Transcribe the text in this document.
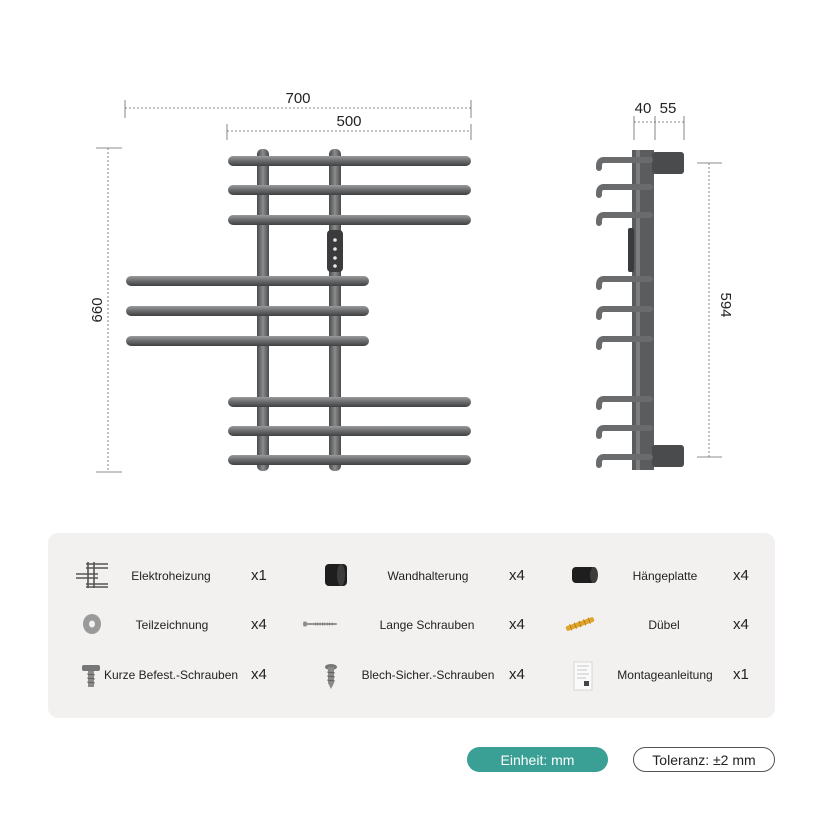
700
500
660
40 55
594
Elektroheizung	x1	Wandhalterung	x4	Hängeplatte x4
Teilzeichnung	x4	Lange Schrauben x4	Dübel	x4
Kurze Befest.-Schrauben x4	Blech-Sicher.-Schrauben x4	Montageanleitung x1
Einheit: mm	Toleranz: ±2 mm
